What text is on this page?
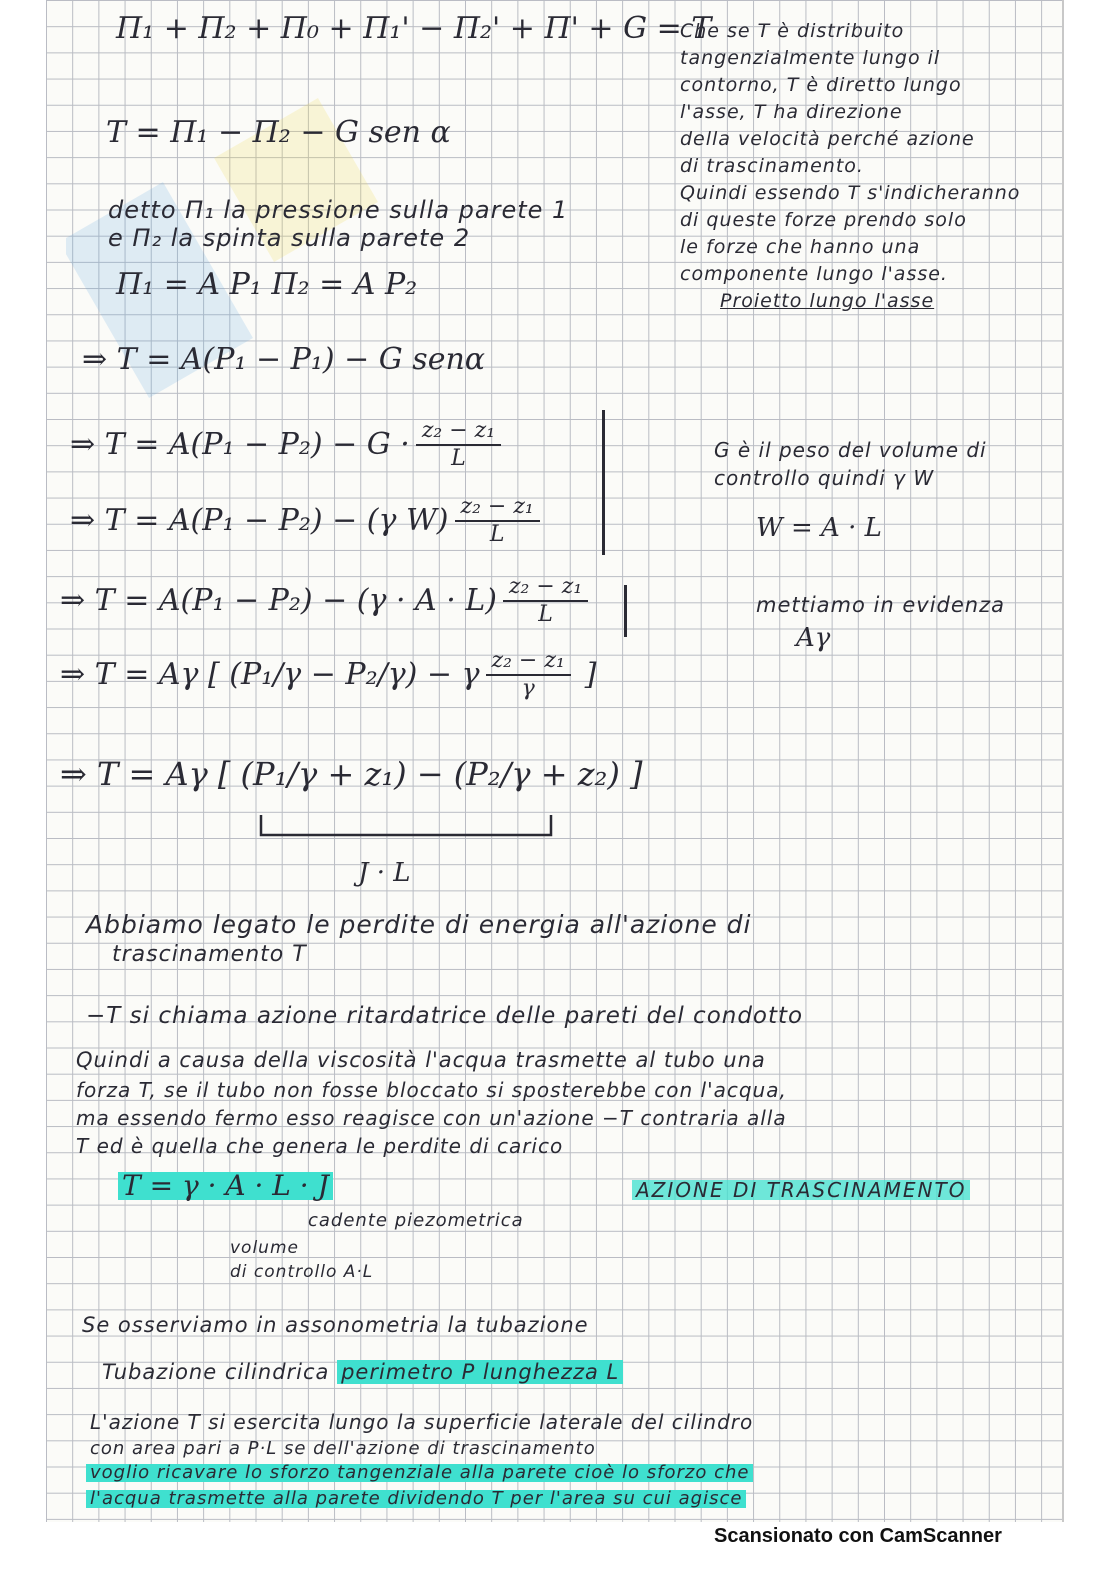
Π₁ + Π₂ + Π₀ + Π₁' − Π₂' + Π' + G = T
T = Π₁ − Π₂ − G sen α
detto Π₁ la pressione sulla parete 1
e Π₂ la spinta sulla parete 2
Π₁ = A P₁ Π₂ = A P₂
⇒ T = A(P₁ − P₁) − G senα
⇒ $T = A(P_1 - P_2) - G \cdot \frac{\text{z₂ − z₁}}{L}$
⇒ T = A(P₁ − P₂) − (γ $W) \frac{\text{z₂ − z₁}}{L}$
⇒ $T = A(P_1 - P_2) - (\gamma \cdot A \cdot L) \frac{\text{z₂ − z₁}}{L}$
⇒ T = Aγ [ (P₁/γ − P₂/γ) − γ $\frac{\text{z₂ − z₁}}{\gamma}$ ]
⇒ T = Aγ [ (P₁/γ + z₁) − (P₂/γ + z₂) ]
J · L
Che se T è distribuito
tangenzialmente lungo il
contorno, T è diretto lungo
l'asse, T ha direzione
della velocità perché azione
di trascinamento.
Quindi essendo T s'indicheranno
di queste forze prendo solo
le forze che hanno una
componente lungo l'asse.
Proietto lungo l'asse
G è il peso del volume di
controllo quindi γ W
W = A · L
mettiamo in evidenza
Aγ
Abbiamo legato le perdite di energia all'azione di
trascinamento T
−T si chiama azione ritardatrice delle pareti del condotto
Quindi a causa della viscosità l'acqua trasmette al tubo una
forza T, se il tubo non fosse bloccato si sposterebbe con l'acqua,
ma essendo fermo esso reagisce con un'azione −T contraria alla
T ed è quella che genera le perdite di carico
T = γ · A · L · J	AZIONE DI TRASCINAMENTO
cadente piezometrica
volume
di controllo A·L
Se osserviamo in assonometria la tubazione
Tubazione cilindrica perimetro P lunghezza L
L'azione T si esercita lungo la superficie laterale del cilindro
con area pari a P·L se dell'azione di trascinamento
voglio ricavare lo sforzo tangenziale alla parete cioè lo sforzo che
l'acqua trasmette alla parete dividendo T per l'area su cui agisce
Scansionato con CamScanner
